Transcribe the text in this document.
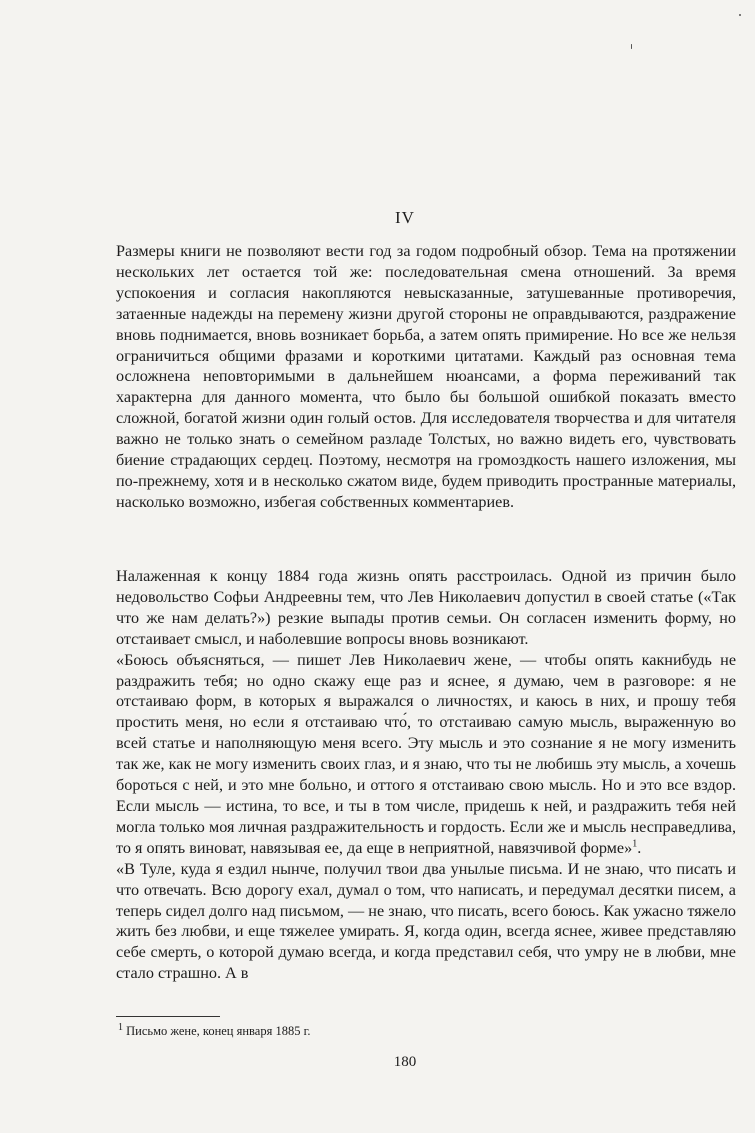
IV

Размеры книги не позволяют вести год за годом подробный обзор. Тема на протяжении нескольких лет остается той же: последовательная смена отношений. За время успокоения и согласия накопляются невысказанные, затушеванные противоречия, затаенные надежды на перемену жизни другой стороны не оправдываются, раздражение вновь поднимается, вновь возникает борьба, а затем опять примирение. Но все же нельзя ограничиться общими фразами и короткими цитатами. Каждый раз основная тема осложнена неповторимыми в дальнейшем нюансами, а форма переживаний так характерна для данного момента, что было бы большой ошибкой показать вместо сложной, богатой жизни один голый остов. Для исследователя творчества и для читателя важно не только знать о семейном разладе Толстых, но важно видеть его, чувствовать биение страдающих сердец. Поэтому, несмотря на громоздкость нашего изложения, мы по-прежнему, хотя и в несколько сжатом виде, будем приводить пространные материалы, насколько возможно, избегая собственных комментариев.

Налаженная к концу 1884 года жизнь опять расстроилась. Одной из причин было недовольство Софьи Андреевны тем, что Лев Николаевич допустил в своей статье («Так что же нам делать?») резкие выпады против семьи. Он согласен изменить форму, но отстаивает смысл, и наболевшие вопросы вновь возникают.

«Боюсь объясняться, — пишет Лев Николаевич жене, — чтобы опять какнибудь не раздражить тебя; но одно скажу еще раз и яснее, я думаю, чем в разговоре: я не отстаиваю форм, в которых я выражался о личностях, и каюсь в них, и прошу тебя простить меня, но если я отстаиваю что́, то отстаиваю самую мысль, выраженную во всей статье и наполняющую меня всего. Эту мысль и это сознание я не могу изменить так же, как не могу изменить своих глаз, и я знаю, что ты не любишь эту мысль, а хочешь бороться с ней, и это мне больно, и оттого я отстаиваю свою мысль. Но и это все вздор. Если мысль — истина, то все, и ты в том числе, придешь к ней, и раздражить тебя ней могла только моя личная раздражительность и гордость. Если же и мысль несправедлива, то я опять виноват, навязывая ее, да еще в неприятной, навязчивой форме»$^1$.

«В Туле, куда я ездил нынче, получил твои два унылые письма. И не знаю, что писать и что отвечать. Всю дорогу ехал, думал о том, что написать, и передумал десятки писем, а теперь сидел долго над письмом, — не знаю, что писать, всего боюсь. Как ужасно тяжело жить без любви, и еще тяжелее умирать. Я, когда один, всегда яснее, живее представляю себе смерть, о которой думаю всегда, и когда представил себя, что умру не в любви, мне стало страшно. А в

$^1$ Письмо жене, конец января 1885 г.
180
